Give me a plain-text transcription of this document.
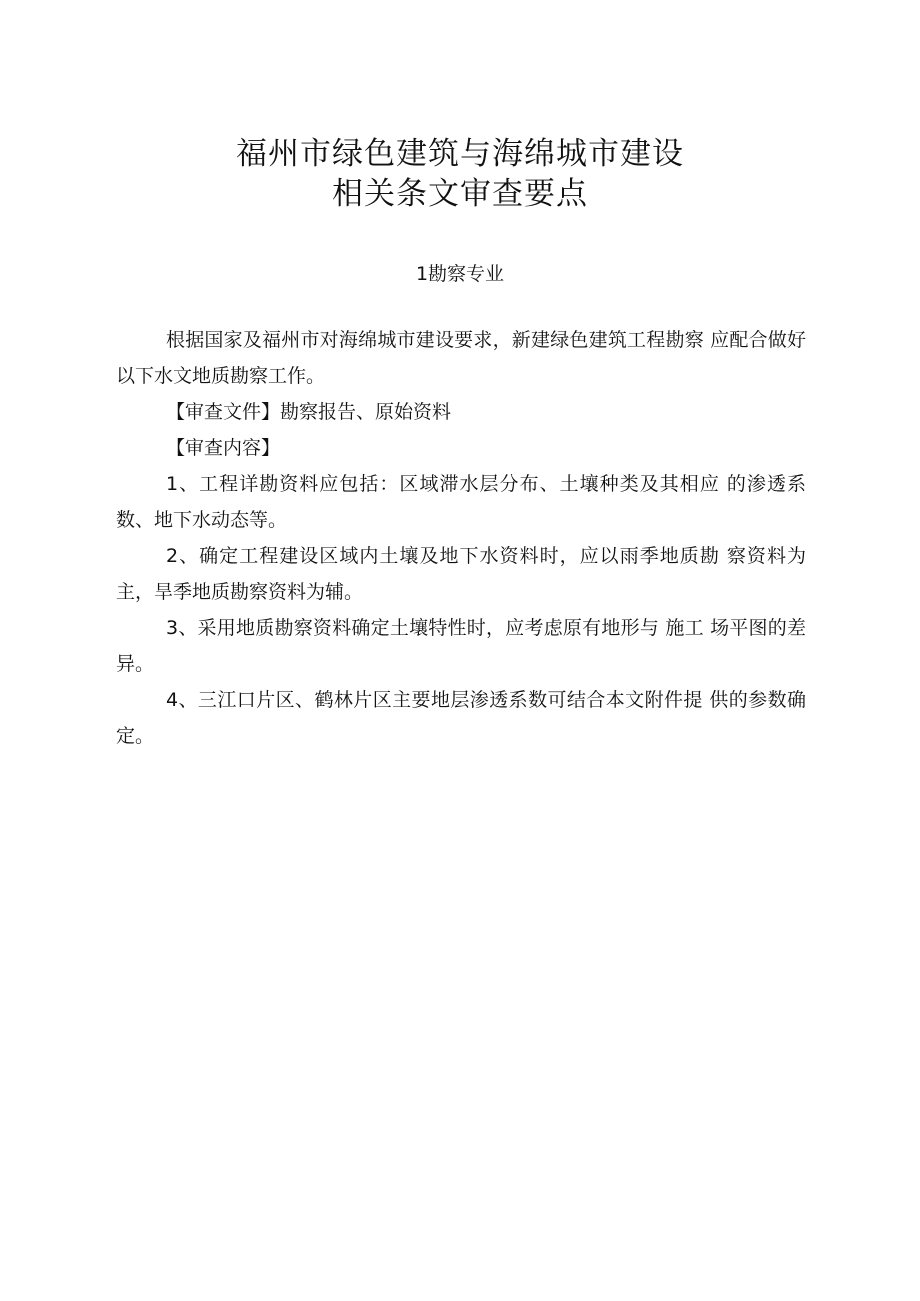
福州市绿色建筑与海绵城市建设
相关条文审查要点
1勘察专业

根据国家及福州市对海绵城市建设要求，新建绿色建筑工程勘察 应配合做好以下水文地质勘察工作。

【审查文件】勘察报告、原始资料

【审查内容】

1、工程详勘资料应包括：区域滞水层分布、土壤种类及其相应 的渗透系数、地下水动态等。

2、确定工程建设区域内土壤及地下水资料时，应以雨季地质勘 察资料为主，旱季地质勘察资料为辅。

3、采用地质勘察资料确定土壤特性时，应考虑原有地形与 施工 场平图的差异。

4、三江口片区、鹤林片区主要地层渗透系数可结合本文附件提 供的参数确定。
